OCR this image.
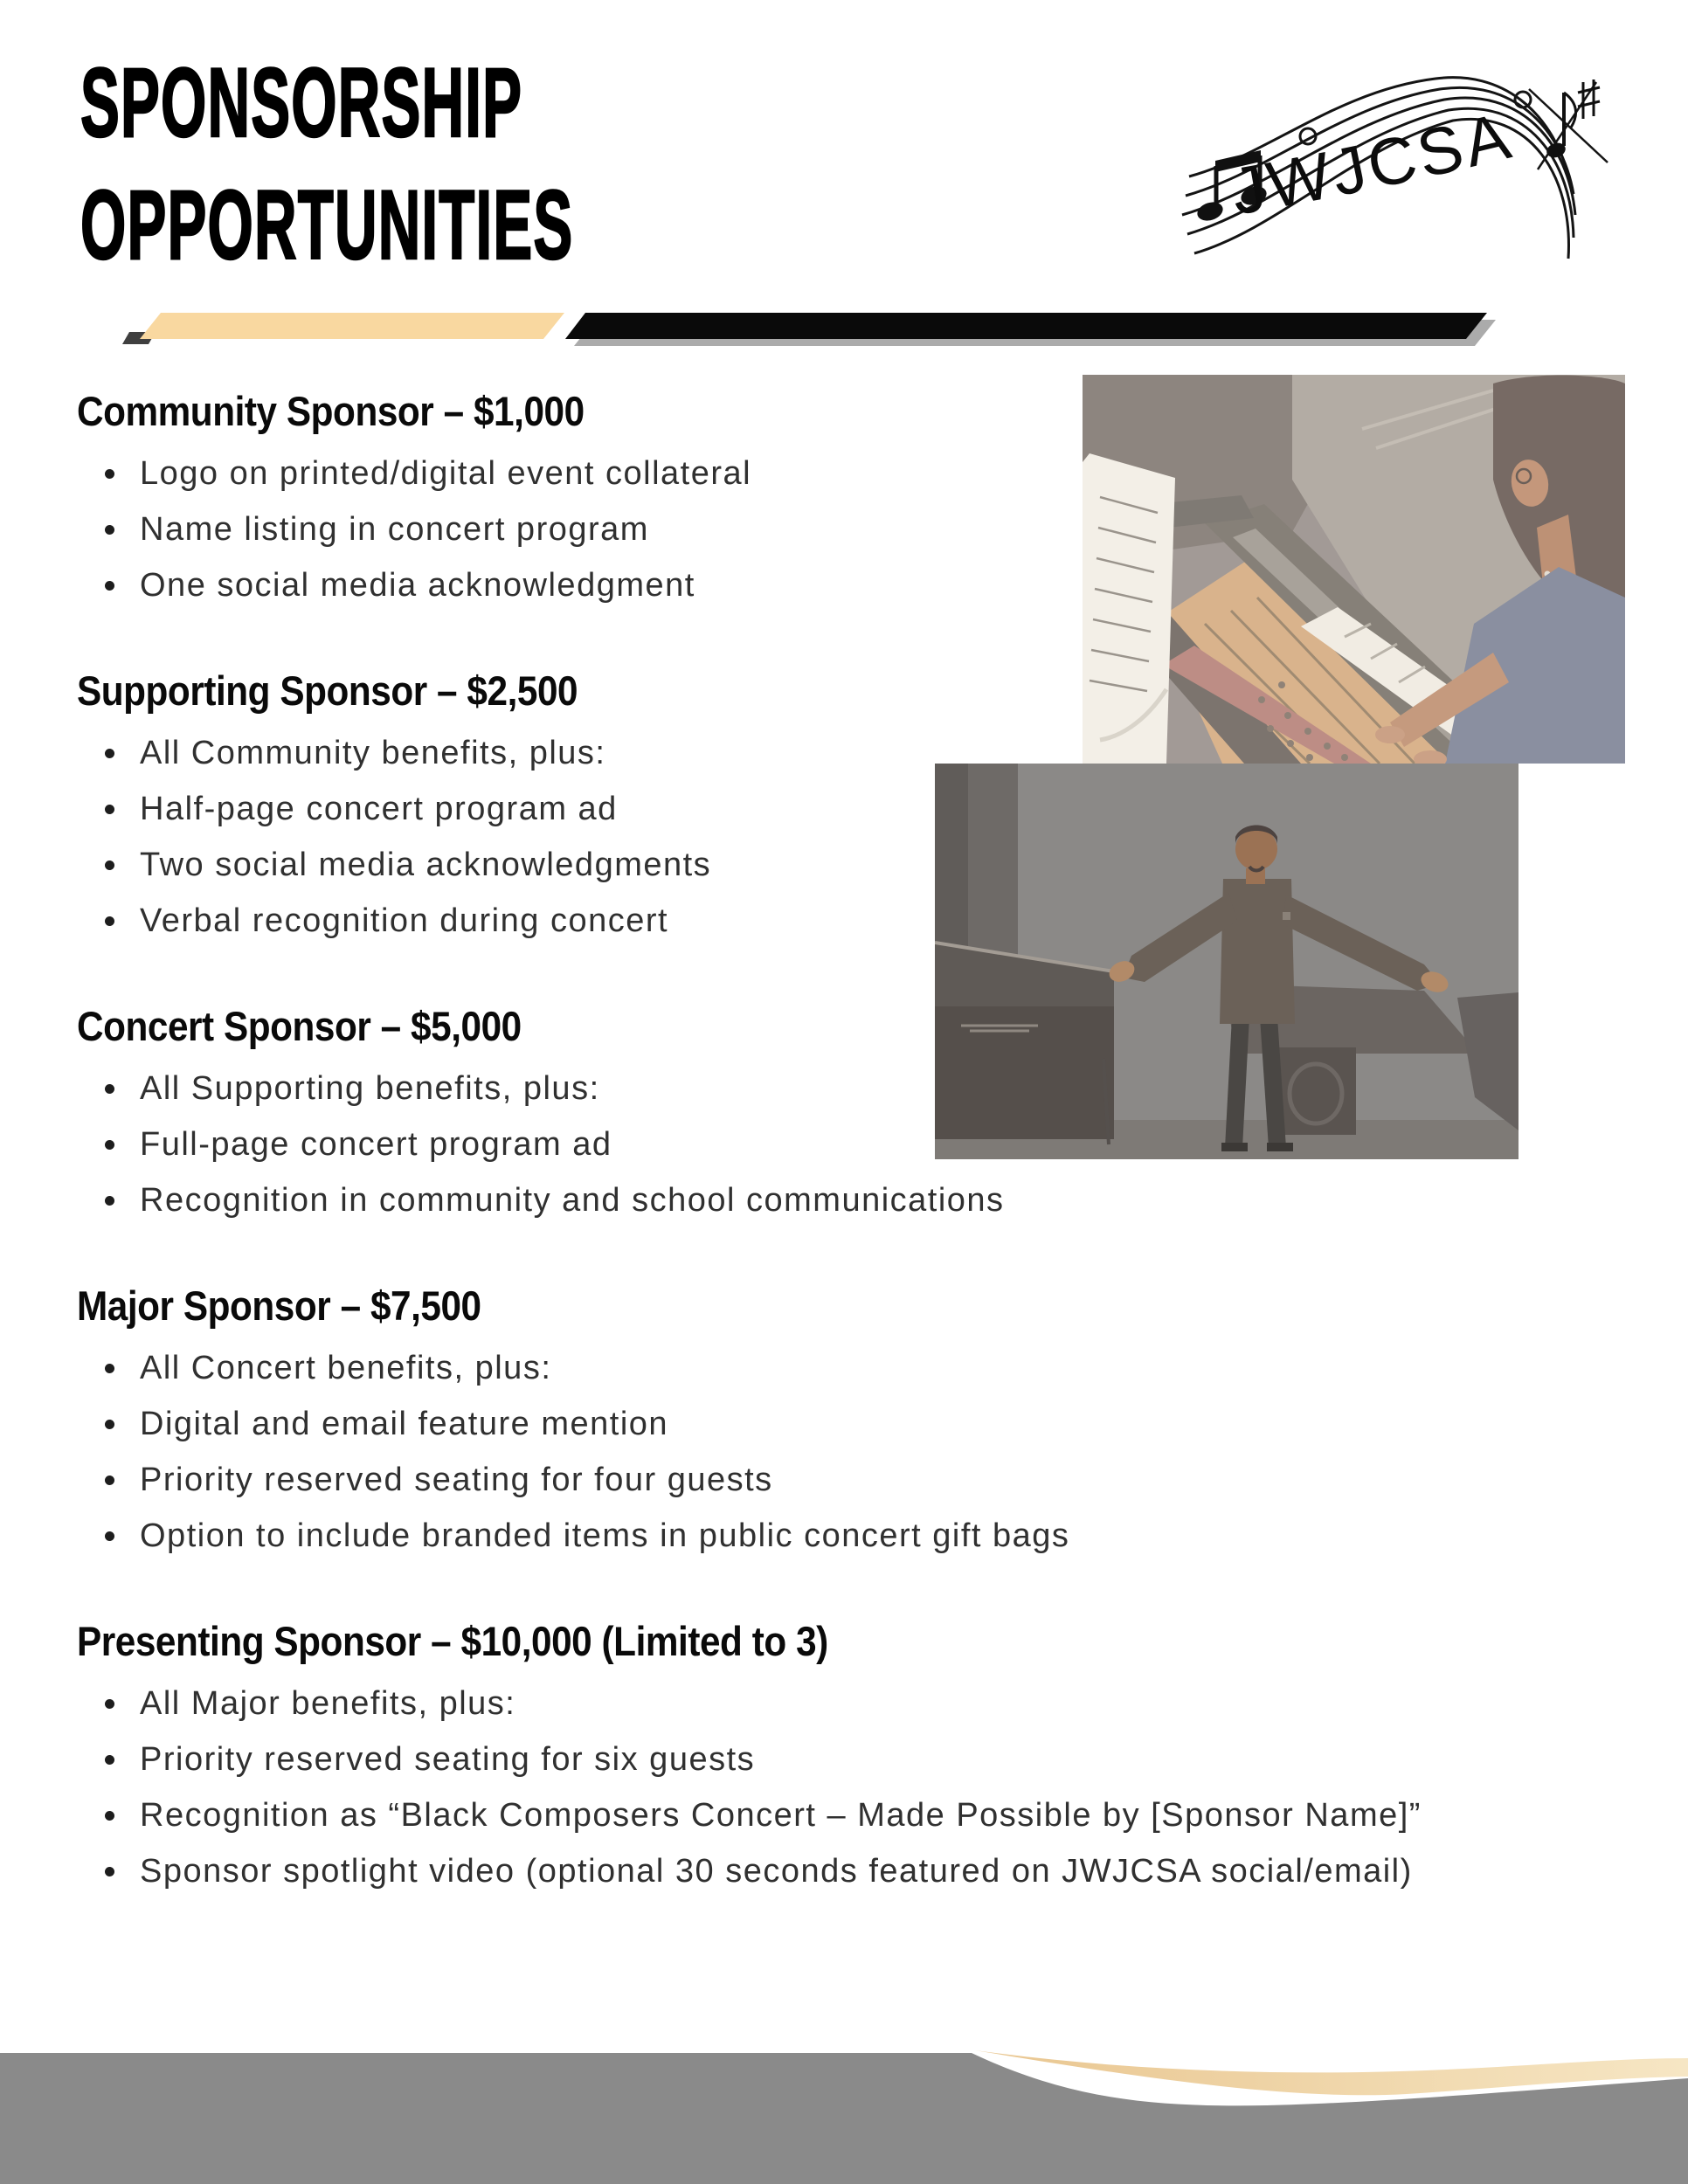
SPONSORSHIP
OPPORTUNITIES	JWJCSA
Community Sponsor – $1,000
Logo on printed/digital event collateral
Name listing in concert program
One social media acknowledgment
Supporting Sponsor – $2,500
All Community benefits, plus:
Half-page concert program ad
Two social media acknowledgments
Verbal recognition during concert
Concert Sponsor – $5,000
All Supporting benefits, plus:
Full-page concert program ad
Recognition in community and school communications
Major Sponsor – $7,500
All Concert benefits, plus:
Digital and email feature mention
Priority reserved seating for four guests
Option to include branded items in public concert gift bags
Presenting Sponsor – $10,000 (Limited to 3)
All Major benefits, plus:
Priority reserved seating for six guests
Recognition as “Black Composers Concert – Made Possible by [Sponsor Name]”
Sponsor spotlight video (optional 30 seconds featured on JWJCSA social/email)
